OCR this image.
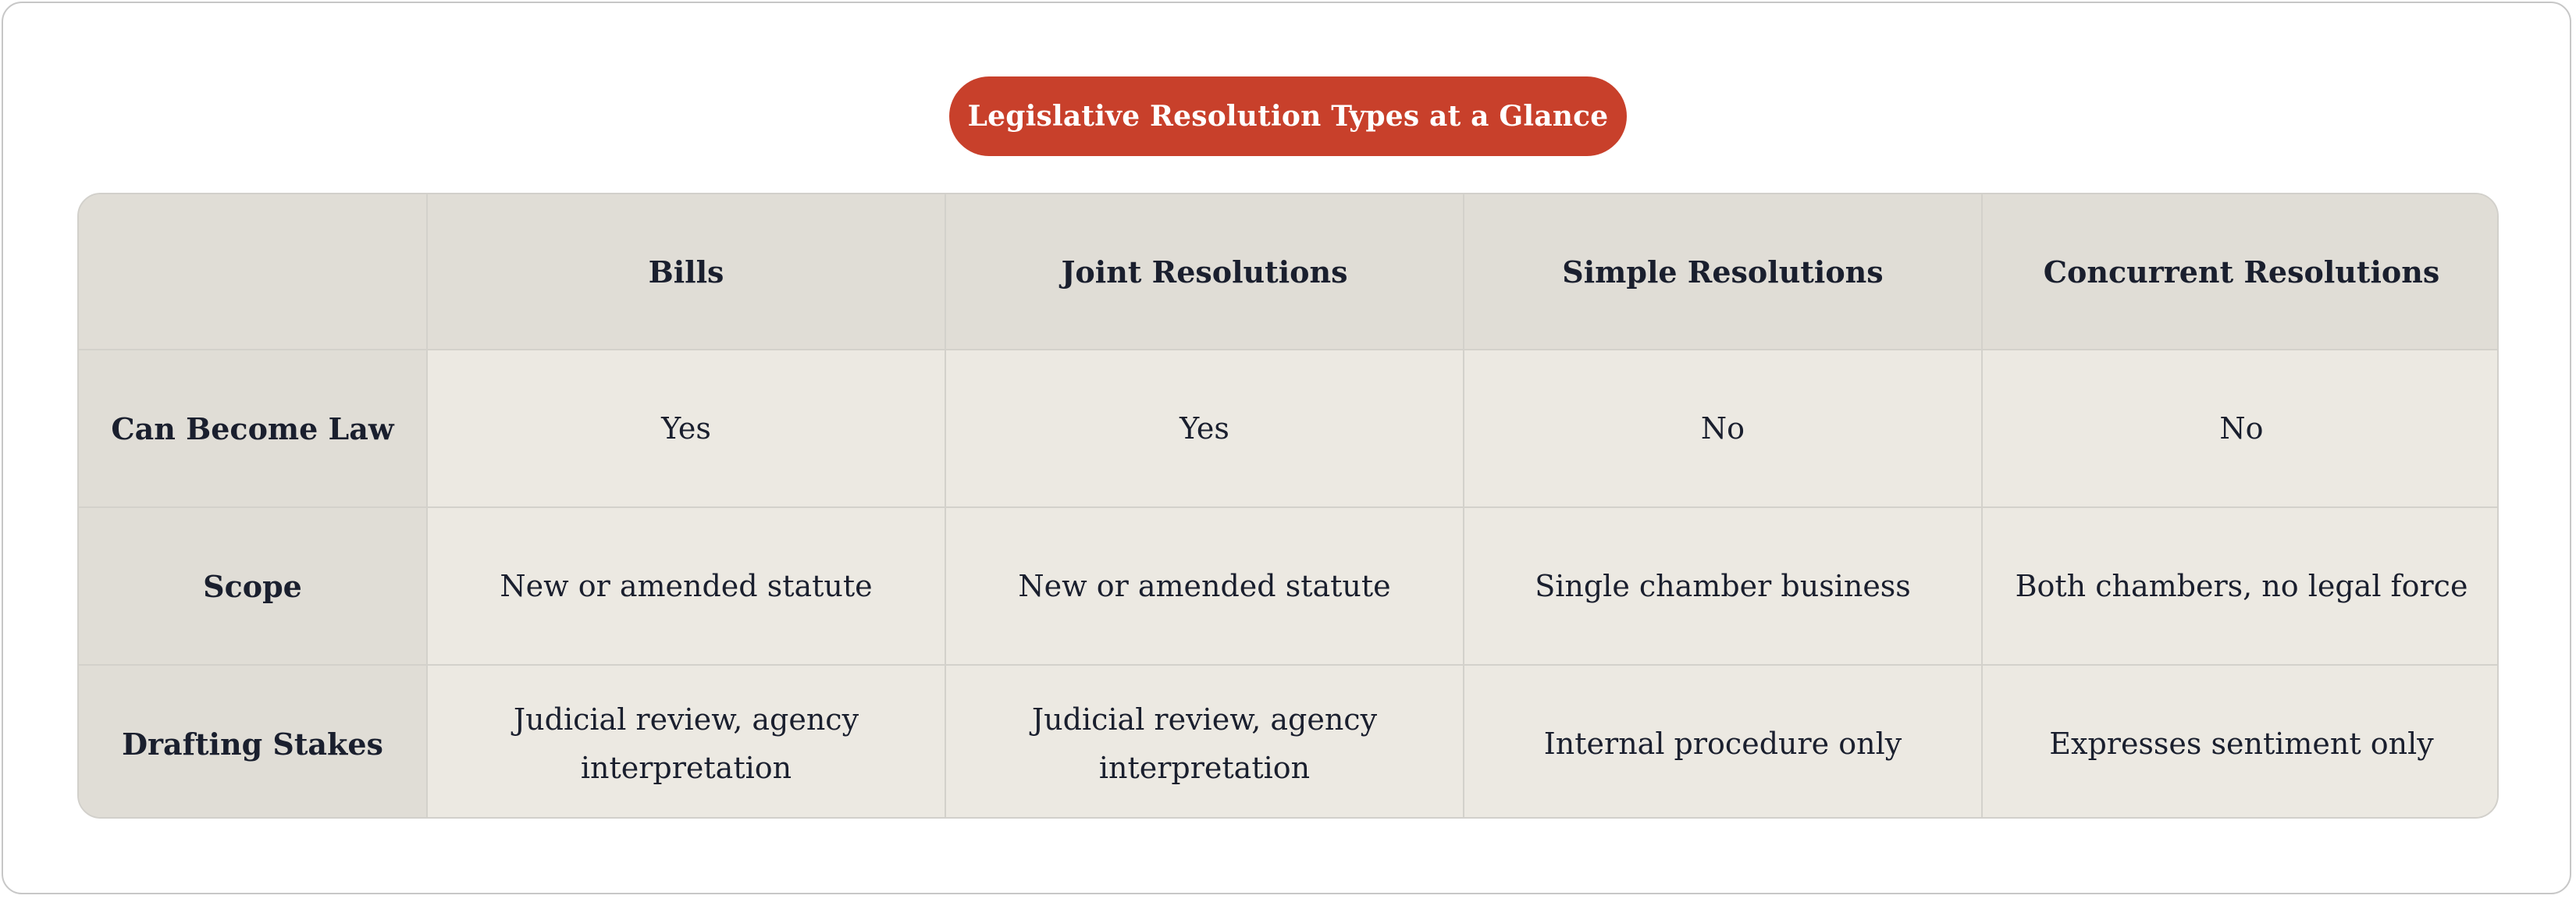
Legislative Resolution Types at a Glance
	Bills	Joint Resolutions	Simple Resolutions	Concurrent Resolutions
Can Become Law	Yes	Yes	No	No
Scope	New or amended statute	New or amended statute	Single chamber business	Both chambers, no legal force
Drafting Stakes	Judicial review, agency interpretation	Judicial review, agency interpretation	Internal procedure only	Expresses sentiment only
